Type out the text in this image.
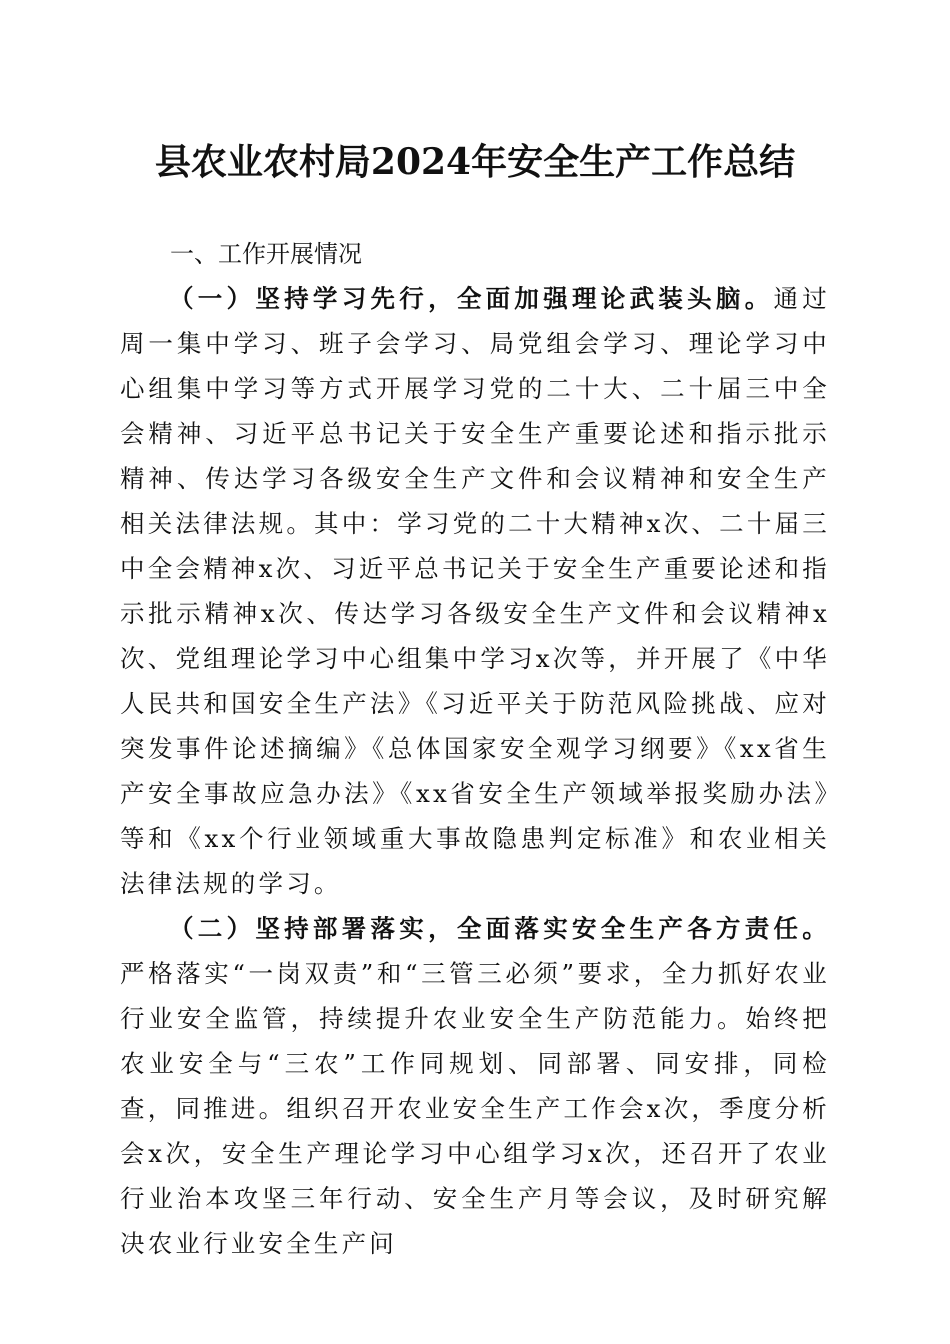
县农业农村局2024年安全生产工作总结
一、工作开展情况

（一）坚持学习先行，全面加强理论武装头脑。通过周一集中学习、班子会学习、局党组会学习、理论学习中心组集中学习等方式开展学习党的二十大、二十届三中全会精神、习近平总书记关于安全生产重要论述和指示批示精神、传达学习各级安全生产文件和会议精神和安全生产相关法律法规。其中：学习党的二十大精神x次、二十届三中全会精神x次、习近平总书记关于安全生产重要论述和指示批示精神x次、传达学习各级安全生产文件和会议精神x次、党组理论学习中心组集中学习x次等，并开展了《中华人民共和国安全生产法》《习近平关于防范风险挑战、应对突发事件论述摘编》《总体国家安全观学习纲要》《xx省生产安全事故应急办法》《xx省安全生产领域举报奖励办法》等和《xx个行业领域重大事故隐患判定标准》和农业相关法律法规的学习。

（二）坚持部署落实，全面落实安全生产各方责任。严格落实“一岗双责”和“三管三必须”要求，全力抓好农业行业安全监管，持续提升农业安全生产防范能力。始终把农业安全与“三农”工作同规划、同部署、同安排，同检查，同推进。组织召开农业安全生产工作会x次，季度分析会x次，安全生产理论学习中心组学习x次，还召开了农业行业治本攻坚三年行动、安全生产月等会议，及时研究解决农业行业安全生产问
